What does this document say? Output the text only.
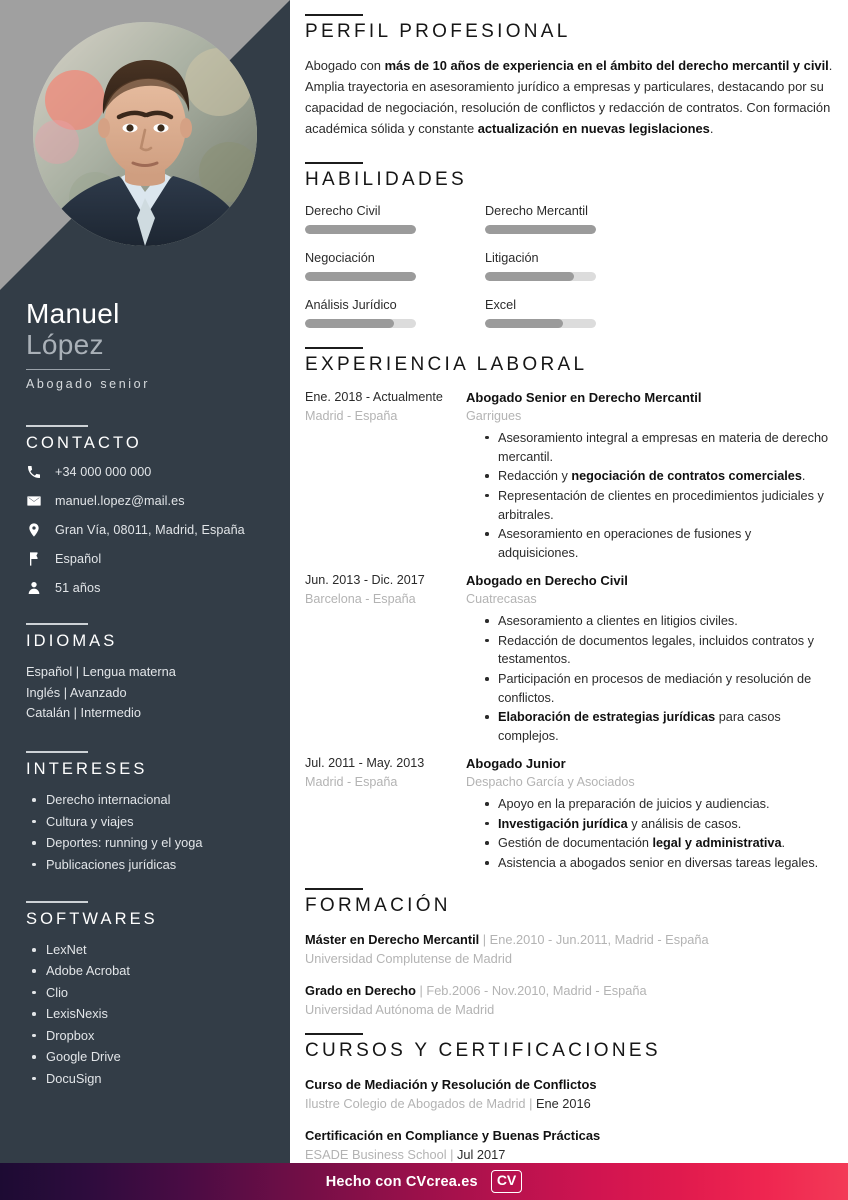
Manuel
López
Abogado senior
CONTACTO
+34 000 000 000
manuel.lopez@mail.es
Gran Vía, 08011, Madrid, España
Español
51 años
IDIOMAS
Español | Lengua materna
Inglés | Avanzado
Catalán | Intermedio
INTERESES
Derecho internacional
Cultura y viajes
Deportes: running y el yoga
Publicaciones jurídicas
SOFTWARES
LexNet
Adobe Acrobat
Clio
LexisNexis
Dropbox
Google Drive
DocuSign
PERFIL PROFESIONAL

Abogado con más de 10 años de experiencia en el ámbito del derecho mercantil y civil. Amplia trayectoria en asesoramiento jurídico a empresas y particulares, destacando por su capacidad de negociación, resolución de conflictos y redacción de contratos. Con formación académica sólida y constante actualización en nuevas legislaciones.

HABILIDADES
Derecho Civil	Derecho Mercantil
Negociación	Litigación
Análisis Jurídico	Excel
EXPERIENCIA LABORAL
Ene. 2018 - Actualmente
Madrid - España
Abogado Senior en Derecho Mercantil
Garrigues
Asesoramiento integral a empresas en materia de derecho mercantil.
Redacción y negociación de contratos comerciales.
Representación de clientes en procedimientos judiciales y arbitrales.
Asesoramiento en operaciones de fusiones y adquisiciones.
Jun. 2013 - Dic. 2017
Barcelona - España
Abogado en Derecho Civil
Cuatrecasas
Asesoramiento a clientes en litigios civiles.
Redacción de documentos legales, incluidos contratos y testamentos.
Participación en procesos de mediación y resolución de conflictos.
Elaboración de estrategias jurídicas para casos complejos.
Jul. 2011 - May. 2013
Madrid - España
Abogado Junior
Despacho García y Asociados
Apoyo en la preparación de juicios y audiencias.
Investigación jurídica y análisis de casos.
Gestión de documentación legal y administrativa.
Asistencia a abogados senior en diversas tareas legales.
FORMACIÓN
Máster en Derecho Mercantil | Ene.2010 - Jun.2011, Madrid - España
Universidad Complutense de Madrid
Grado en Derecho | Feb.2006 - Nov.2010, Madrid - España
Universidad Autónoma de Madrid
CURSOS Y CERTIFICACIONES
Curso de Mediación y Resolución de Conflictos
Ilustre Colegio de Abogados de Madrid | Ene 2016
Certificación en Compliance y Buenas Prácticas
ESADE Business School | Jul 2017
Hecho con CVcrea.es	CV
